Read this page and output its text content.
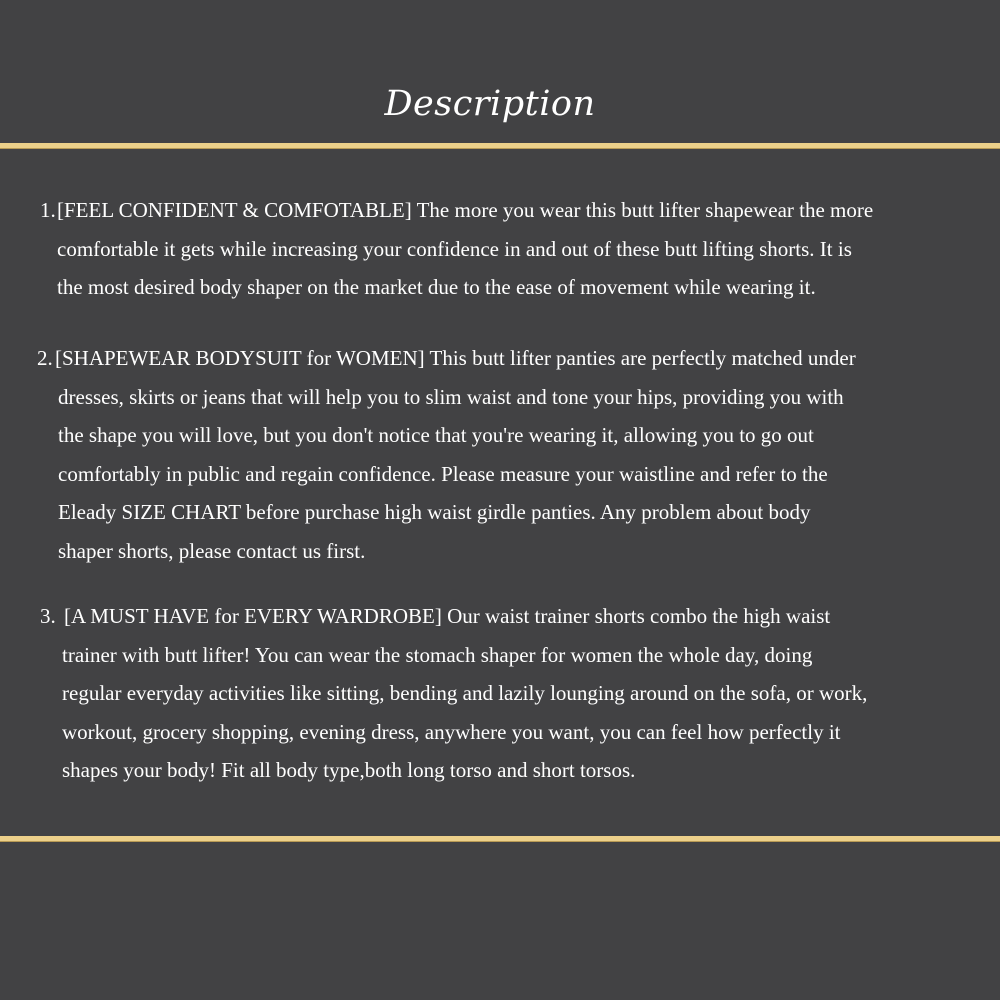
Description
1. [FEEL CONFIDENT & COMFOTABLE] The more you wear this butt lifter shapewear the more
comfortable it gets while increasing your confidence in and out of these butt lifting shorts. It is
the most desired body shaper on the market due to the ease of movement while wearing it.
2. [SHAPEWEAR BODYSUIT for WOMEN] This butt lifter panties are perfectly matched under
dresses, skirts or jeans that will help you to slim waist and tone your hips, providing you with
the shape you will love, but you don't notice that you're wearing it, allowing you to go out
comfortably in public and regain confidence. Please measure your waistline and refer to the
Eleady SIZE CHART before purchase high waist girdle panties. Any problem about body
shaper shorts, please contact us first.
3. [A MUST HAVE for EVERY WARDROBE] Our waist trainer shorts combo the high waist
trainer with butt lifter! You can wear the stomach shaper for women the whole day, doing
regular everyday activities like sitting, bending and lazily lounging around on the sofa, or work,
workout, grocery shopping, evening dress, anywhere you want, you can feel how perfectly it
shapes your body! Fit all body type,both long torso and short torsos.
